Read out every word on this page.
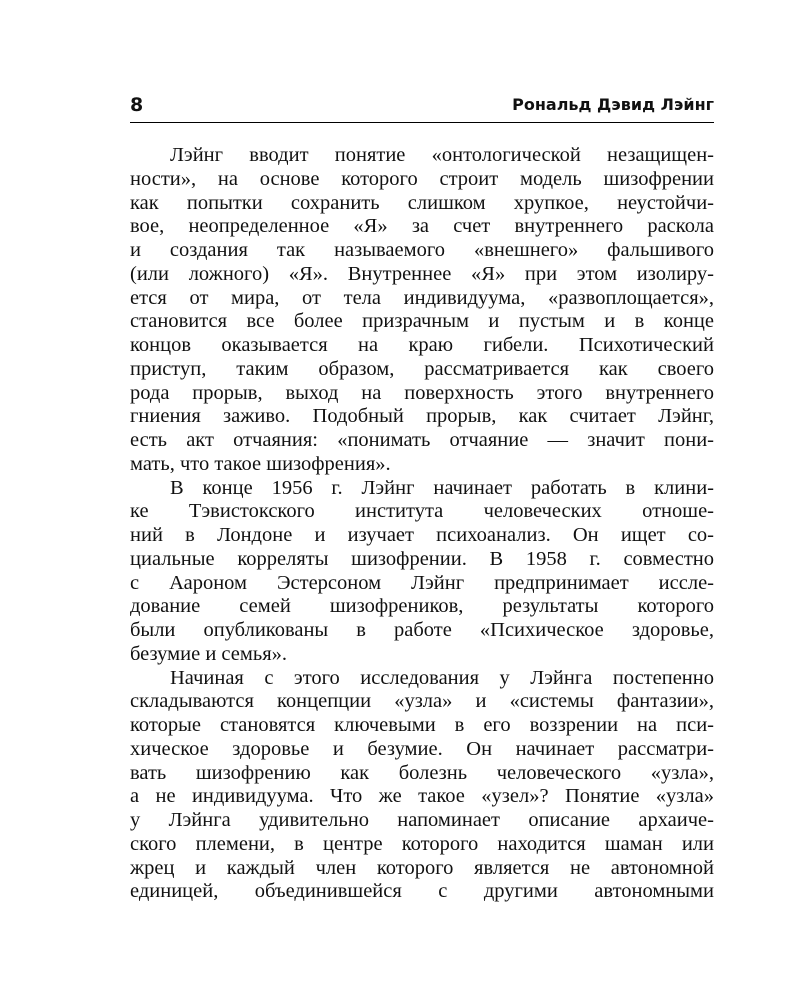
8	Рональд Дэвид Лэйнг
Лэйнг вводит понятие «онтологической незащищен-
ности», на основе которого строит модель шизофрении
как попытки сохранить слишком хрупкое, неустойчи-
вое, неопределенное «Я» за счет внутреннего раскола
и создания так называемого «внешнего» фальшивого
(или ложного) «Я». Внутреннее «Я» при этом изолиру-
ется от мира, от тела индивидуума, «развоплощается»,
становится все более призрачным и пустым и в конце
концов оказывается на краю гибели. Психотический
приступ, таким образом, рассматривается как своего
рода прорыв, выход на поверхность этого внутреннего
гниения заживо. Подобный прорыв, как считает Лэйнг,
есть акт отчаяния: «понимать отчаяние — значит пони-
мать, что такое шизофрения».
В конце 1956 г. Лэйнг начинает работать в клини-
ке Тэвистокского института человеческих отноше-
ний в Лондоне и изучает психоанализ. Он ищет со-
циальные корреляты шизофрении. В 1958 г. совместно
с Аароном Эстерсоном Лэйнг предпринимает иссле-
дование семей шизофреников, результаты которого
были опубликованы в работе «Психическое здоровье,
безумие и семья».
Начиная с этого исследования у Лэйнга постепенно
складываются концепции «узла» и «системы фантазии»,
которые становятся ключевыми в его воззрении на пси-
хическое здоровье и безумие. Он начинает рассматри-
вать шизофрению как болезнь человеческого «узла»,
а не индивидуума. Что же такое «узел»? Понятие «узла»
у Лэйнга удивительно напоминает описание архаиче-
ского племени, в центре которого находится шаман или
жрец и каждый член которого является не автономной
единицей, объединившейся с другими автономными
